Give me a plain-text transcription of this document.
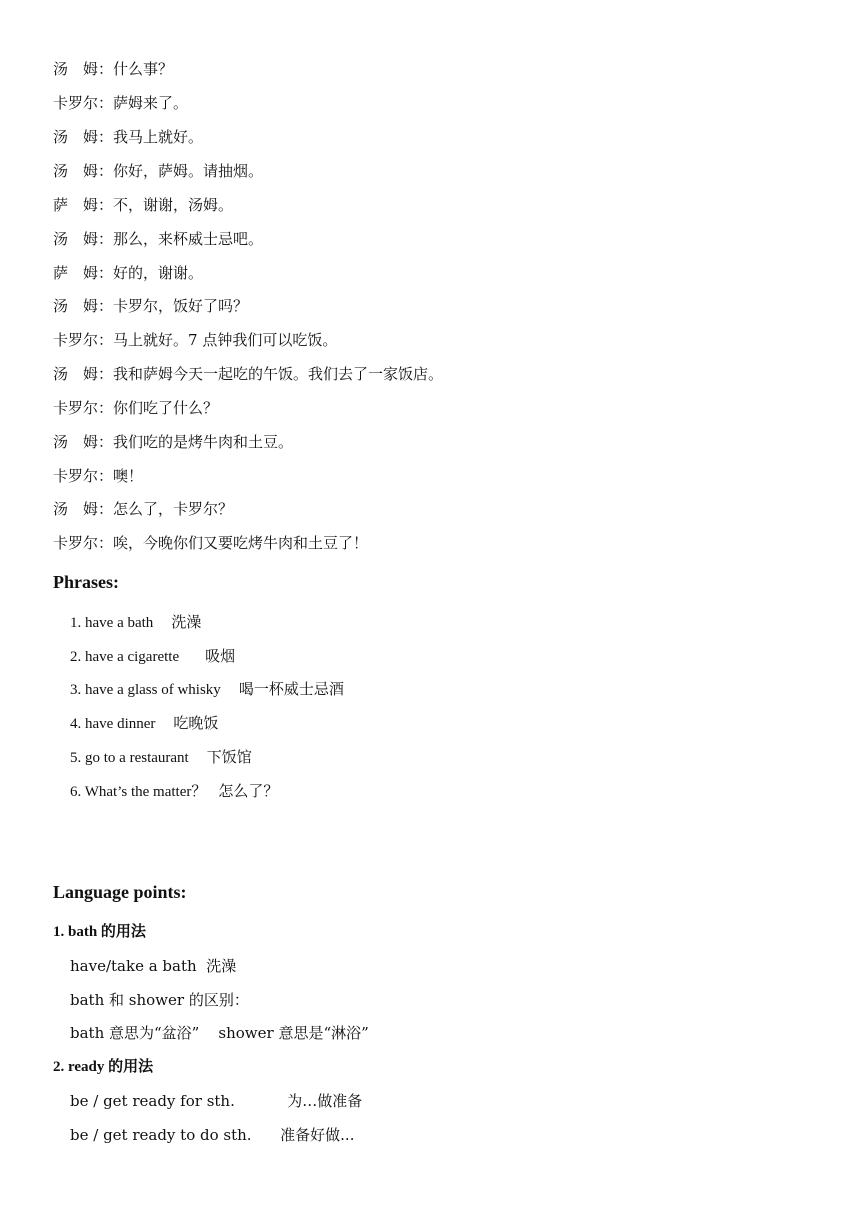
汤　姆：什么事？
卡罗尔：萨姆来了。
汤　姆：我马上就好。
汤　姆：你好，萨姆。请抽烟。
萨　姆：不，谢谢，汤姆。
汤　姆：那么，来杯威士忌吧。
萨　姆：好的，谢谢。
汤　姆：卡罗尔，饭好了吗？
卡罗尔：马上就好。7 点钟我们可以吃饭。
汤　姆：我和萨姆今天一起吃的午饭。我们去了一家饭店。
卡罗尔：你们吃了什么？
汤　姆：我们吃的是烤牛肉和土豆。
卡罗尔：噢！
汤　姆：怎么了，卡罗尔？
卡罗尔：唉，今晚你们又要吃烤牛肉和土豆了！
Phrases:
1. have a bath 洗澡
2. have a cigarette 吸烟
3. have a glass of whisky 喝一杯威士忌酒
4. have dinner 吃晚饭
5. go to a restaurant 下饭馆
6. What’s the matter？ 怎么了？
Language points:
1. bath 的用法
have/take a bath  洗澡
bath 和 shower 的区别：
bath 意思为“盆浴”    shower 意思是“淋浴”
2. ready 的用法
be / get ready for sth.           为…做准备
be / get ready to do sth.      准备好做...
